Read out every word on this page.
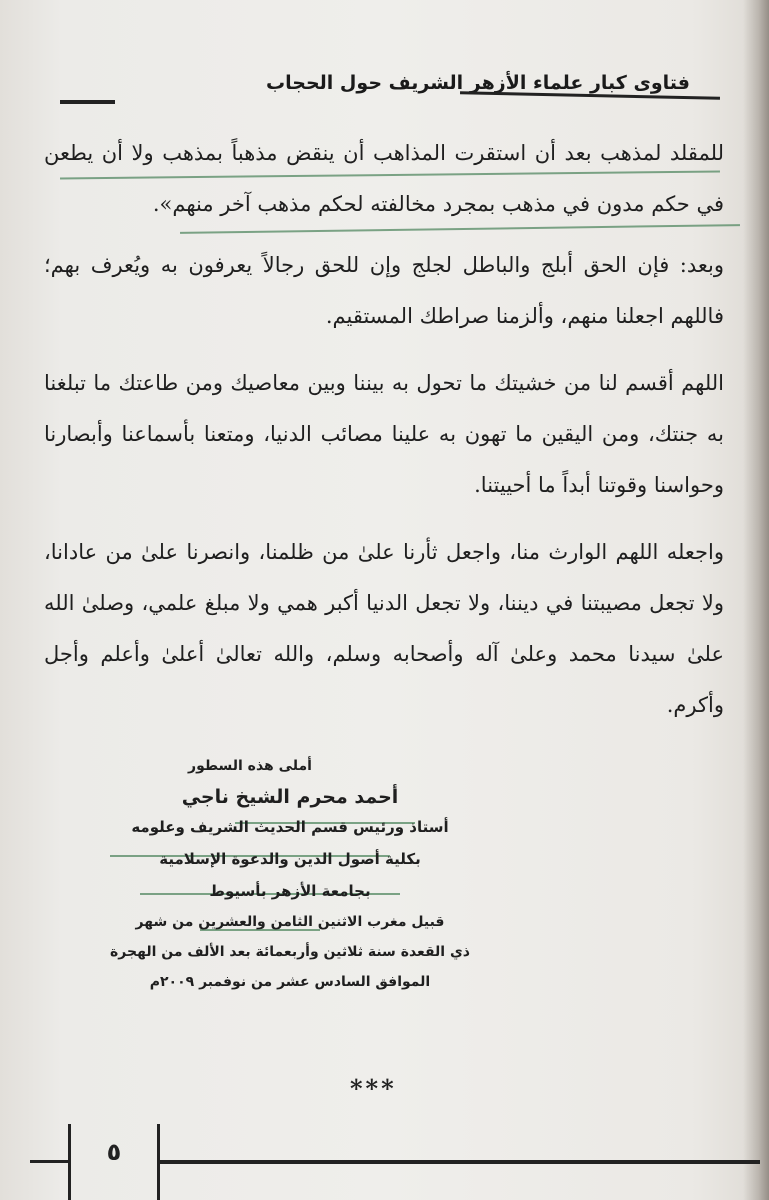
فتاوى كبار علماء الأزهر الشريف حول الحجاب

للمقلد لمذهب بعد أن استقرت المذاهب أن ينقض مذهباً بمذهب ولا أن يطعن في حكم مدون في مذهب بمجرد مخالفته لحكم مذهب آخر منهم».

وبعد: فإن الحق أبلج والباطل لجلج وإن للحق رجالاً يعرفون به ويُعرف بهم؛ فاللهم اجعلنا منهم، وألزمنا صراطك المستقيم.

اللهم أقسم لنا من خشيتك ما تحول به بيننا وبين معاصيك ومن طاعتك ما تبلغنا به جنتك، ومن اليقين ما تهون به علينا مصائب الدنيا، ومتعنا بأسماعنا وأبصارنا وحواسنا وقوتنا أبداً ما أحييتنا.

واجعله اللهم الوارث منا، واجعل ثأرنا علىٰ من ظلمنا، وانصرنا علىٰ من عادانا، ولا تجعل مصيبتنا في ديننا، ولا تجعل الدنيا أكبر همي ولا مبلغ علمي، وصلىٰ الله علىٰ سيدنا محمد وعلىٰ آله وأصحابه وسلم، والله تعالىٰ أعلىٰ وأعلم وأجل وأكرم.

أملى هذه السطور
أحمد محرم الشيخ ناجي
أستاذ ورئيس قسم الحديث الشريف وعلومه
بكلية أصول الدين والدعوة الإسلامية
بجامعة الأزهر بأسيوط
قبيل مغرب الاثنين الثامن والعشرين من شهر
ذي القعدة سنة ثلاثين وأربعمائة بعد الألف من الهجرة
الموافق السادس عشر من نوفمبر ٢٠٠٩م
***
٥
